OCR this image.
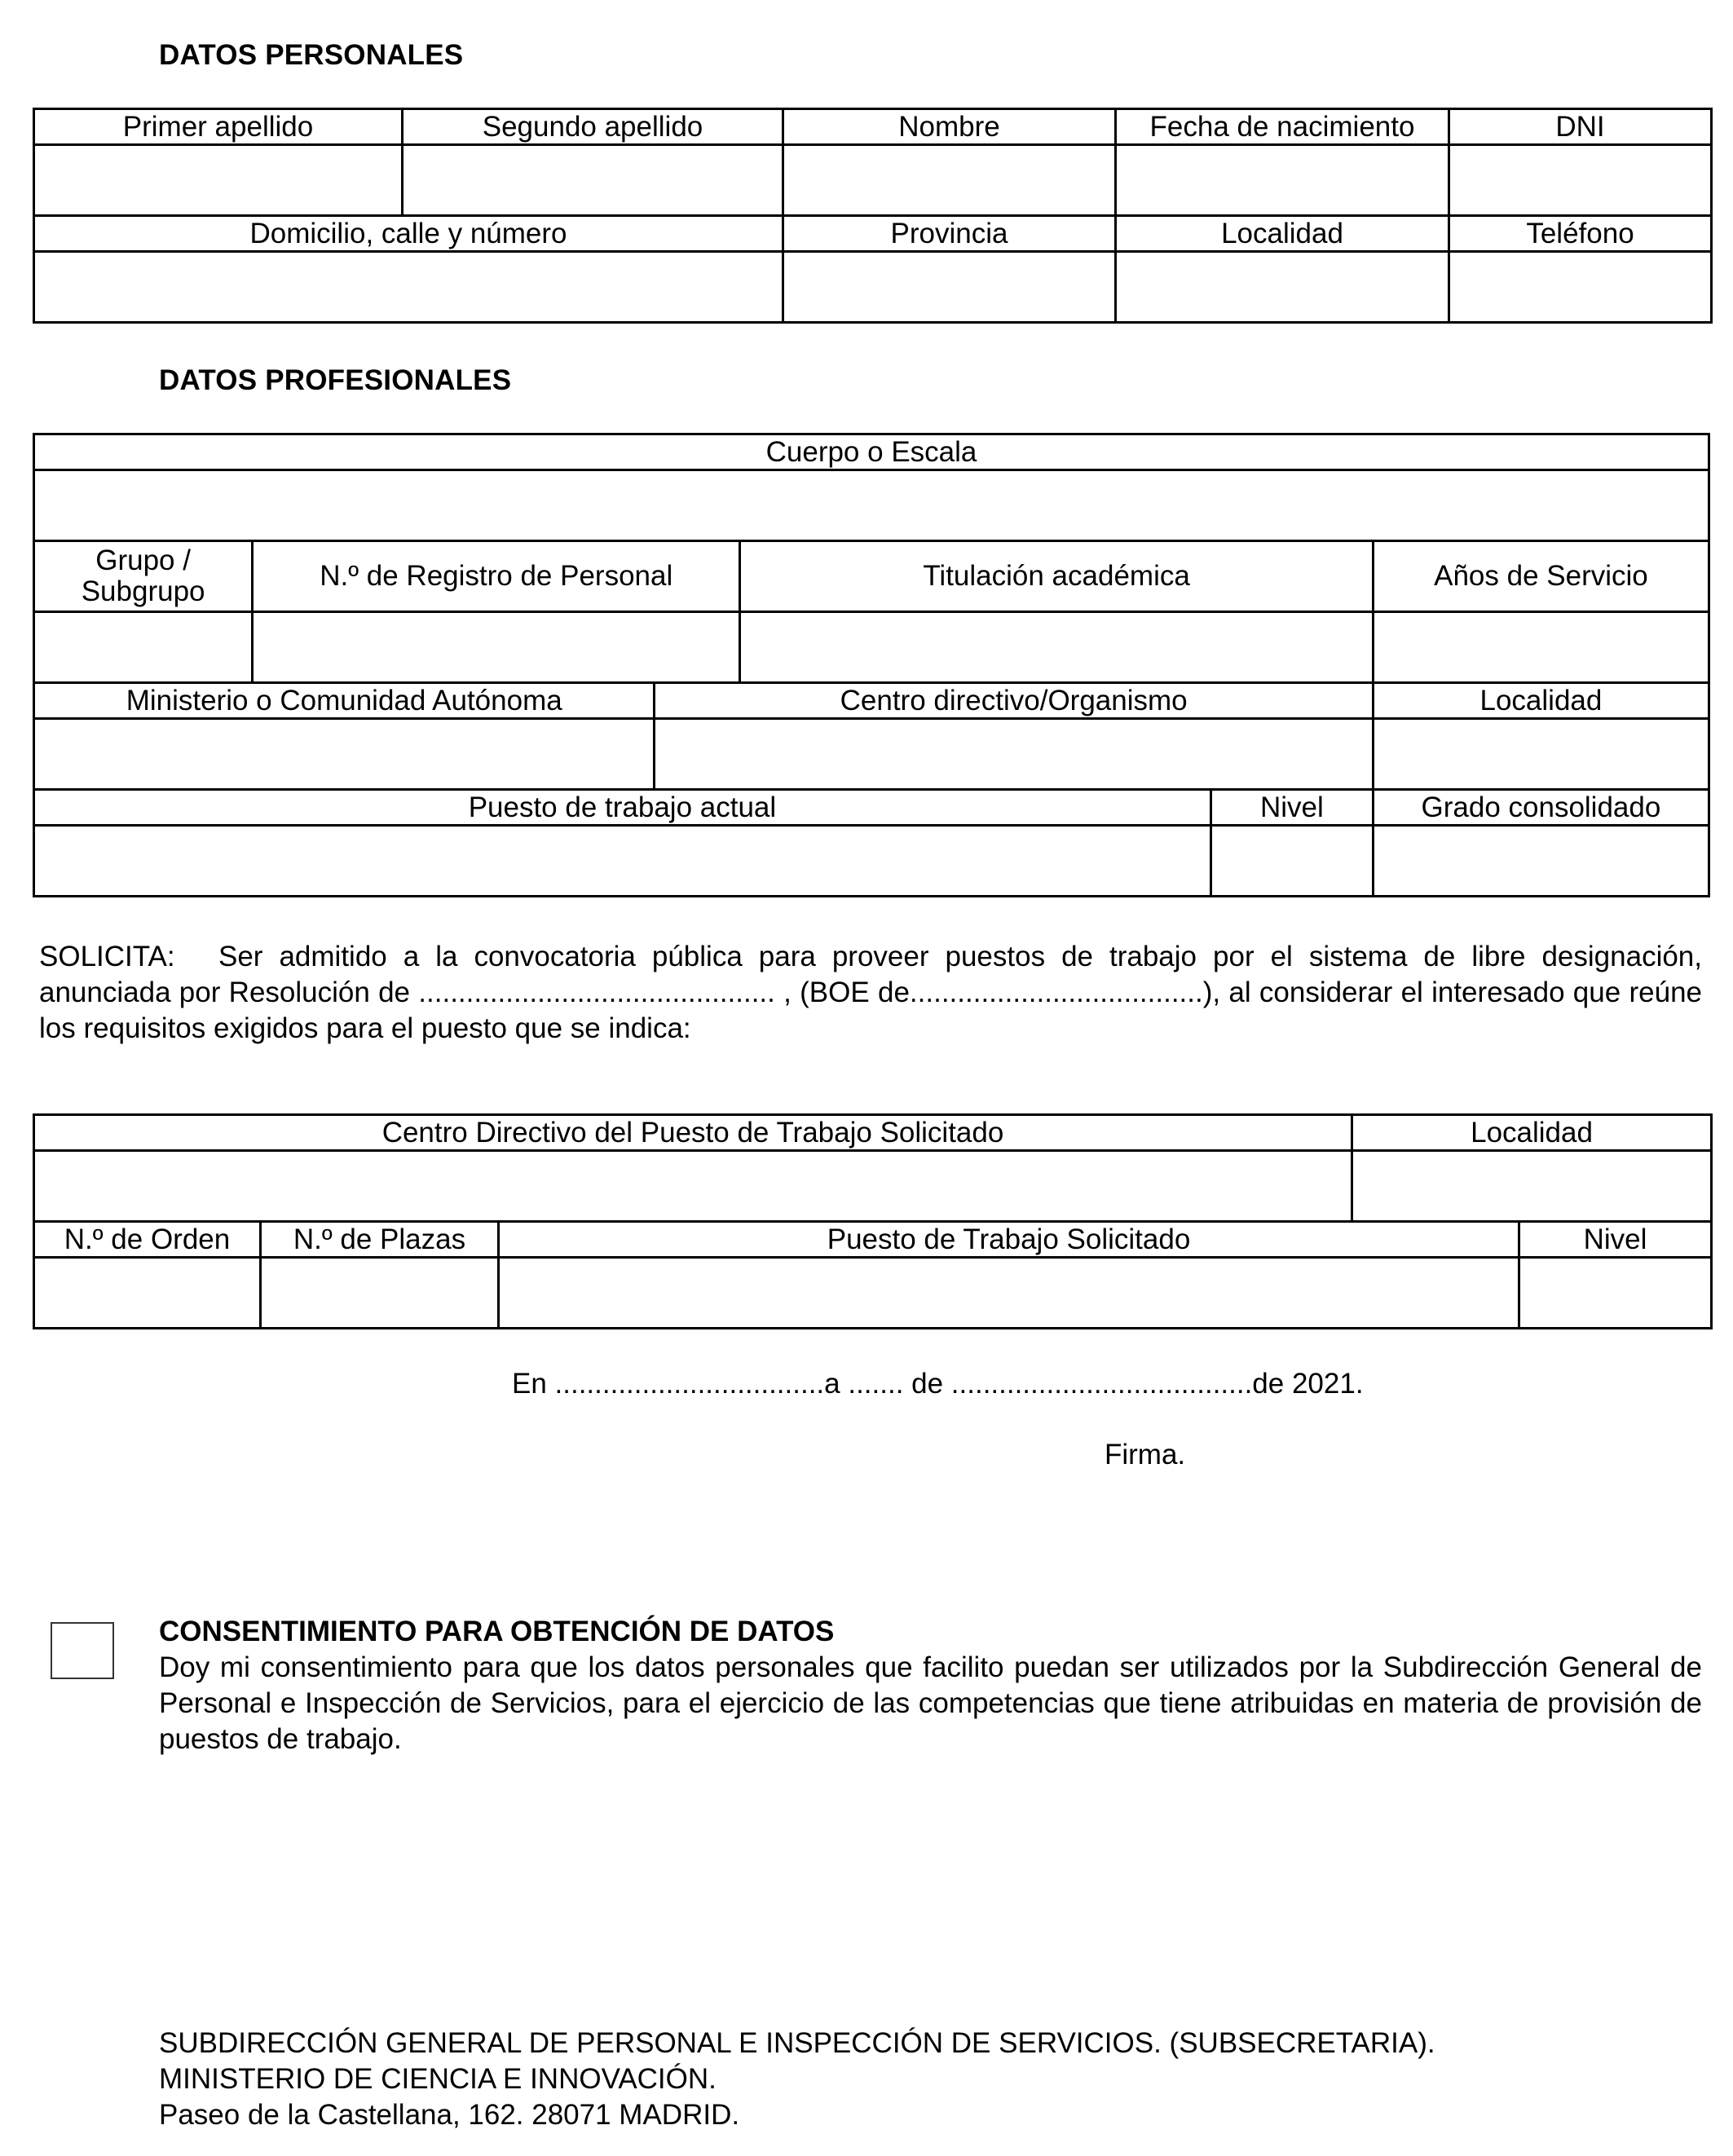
DATOS PERSONALES
Primer apellido	Segundo apellido	Nombre	Fecha de nacimiento	DNI

Domicilio, calle y número		Provincia	Localidad	Teléfono

DATOS PROFESIONALES
Cuerpo o Escala					

Grupo /
Subgrupo	N.º de Registro de Personal		Titulación académica		Años de Servicio

Ministerio o Comunidad Autónoma		Centro directivo/Organismo			Localidad

Puesto de trabajo actual				Nivel	Grado consolidado

SOLICITA: Ser admitido a la convocatoria pública para proveer puestos de trabajo por el sistema de libre designación, anunciada por Resolución de ............................................. , (BOE de.....................................), al considerar el interesado que reúne los requisitos exigidos para el puesto que se indica:
Centro Directivo del Puesto de Trabajo Solicitado			Localidad	

N.º de Orden	N.º de Plazas	Puesto de Trabajo Solicitado		Nivel

En ..................................a ....... de ......................................de 2021.
Firma.
CONSENTIMIENTO PARA OBTENCIÓN DE DATOS
Doy mi consentimiento para que los datos personales que facilito puedan ser utilizados por la Subdirección General de Personal e Inspección de Servicios, para el ejercicio de las competencias que tiene atribuidas en materia de provisión de puestos de trabajo.
SUBDIRECCIÓN GENERAL DE PERSONAL E INSPECCIÓN DE SERVICIOS. (SUBSECRETARIA).
MINISTERIO DE CIENCIA E INNOVACIÓN.
Paseo de la Castellana, 162. 28071 MADRID.
